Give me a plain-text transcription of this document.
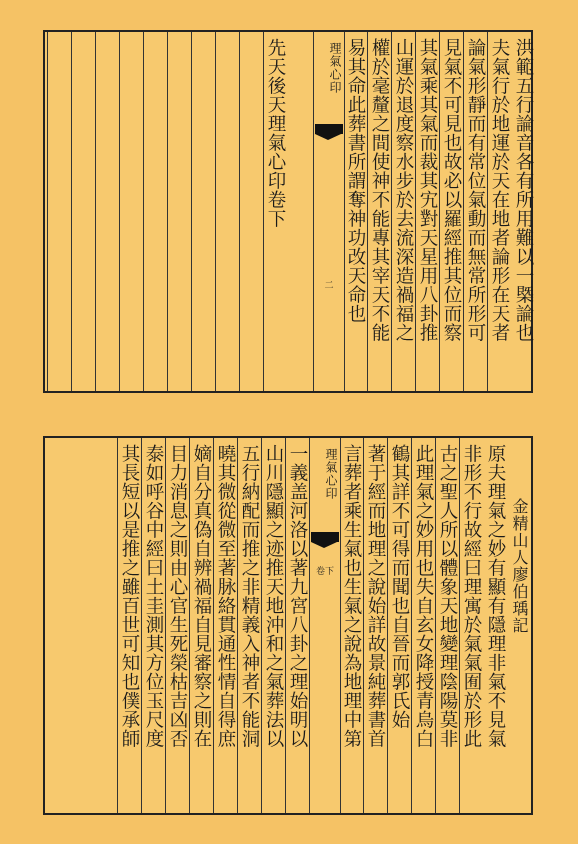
洪範五行論音各有所用難以一槩論也
夫氣行於地運於天在地者論形在天者
論氣形靜而有常位氣動而無常所形可
見氣不可見也故必以羅經推其位而察
其氣乘其氣而裁其宄對天星用八卦推
山運於退度察水步於去流深造禍福之
權於毫釐之間使神不能專其宰天不能
易其命此葬書所謂奪神功改天命也
理氣心印
二
先天後天理氣心印卷下
金精山人廖伯瑀記
原夫理氣之妙有顯有隱理非氣不見氣
非形不行故經曰理寓於氣氣囿於形此
古之聖人所以體象天地變理陰陽莫非
此理氣之妙用也失自玄女降授青烏白
鶴其詳不可得而聞也自晉而郭氏始
著于經而地理之說始詳故景純葬書首
言葬者乘生氣也生氣之說為地理中第
理氣心印
卷下
一義盖河洛以著九宮八卦之理始明以
山川隱顯之迹推天地沖和之氣葬法以
五行納配而推之非精義入神者不能洞
曉其微從微至著脉絡貫通性情自得庶
嫡自分真偽自辨禍福自見審察之則在
目力消息之則由心官生死榮枯吉凶否
泰如呼谷中經曰土圭測其方位玉尺度
其長短以是推之雖百世可知也僕承師
